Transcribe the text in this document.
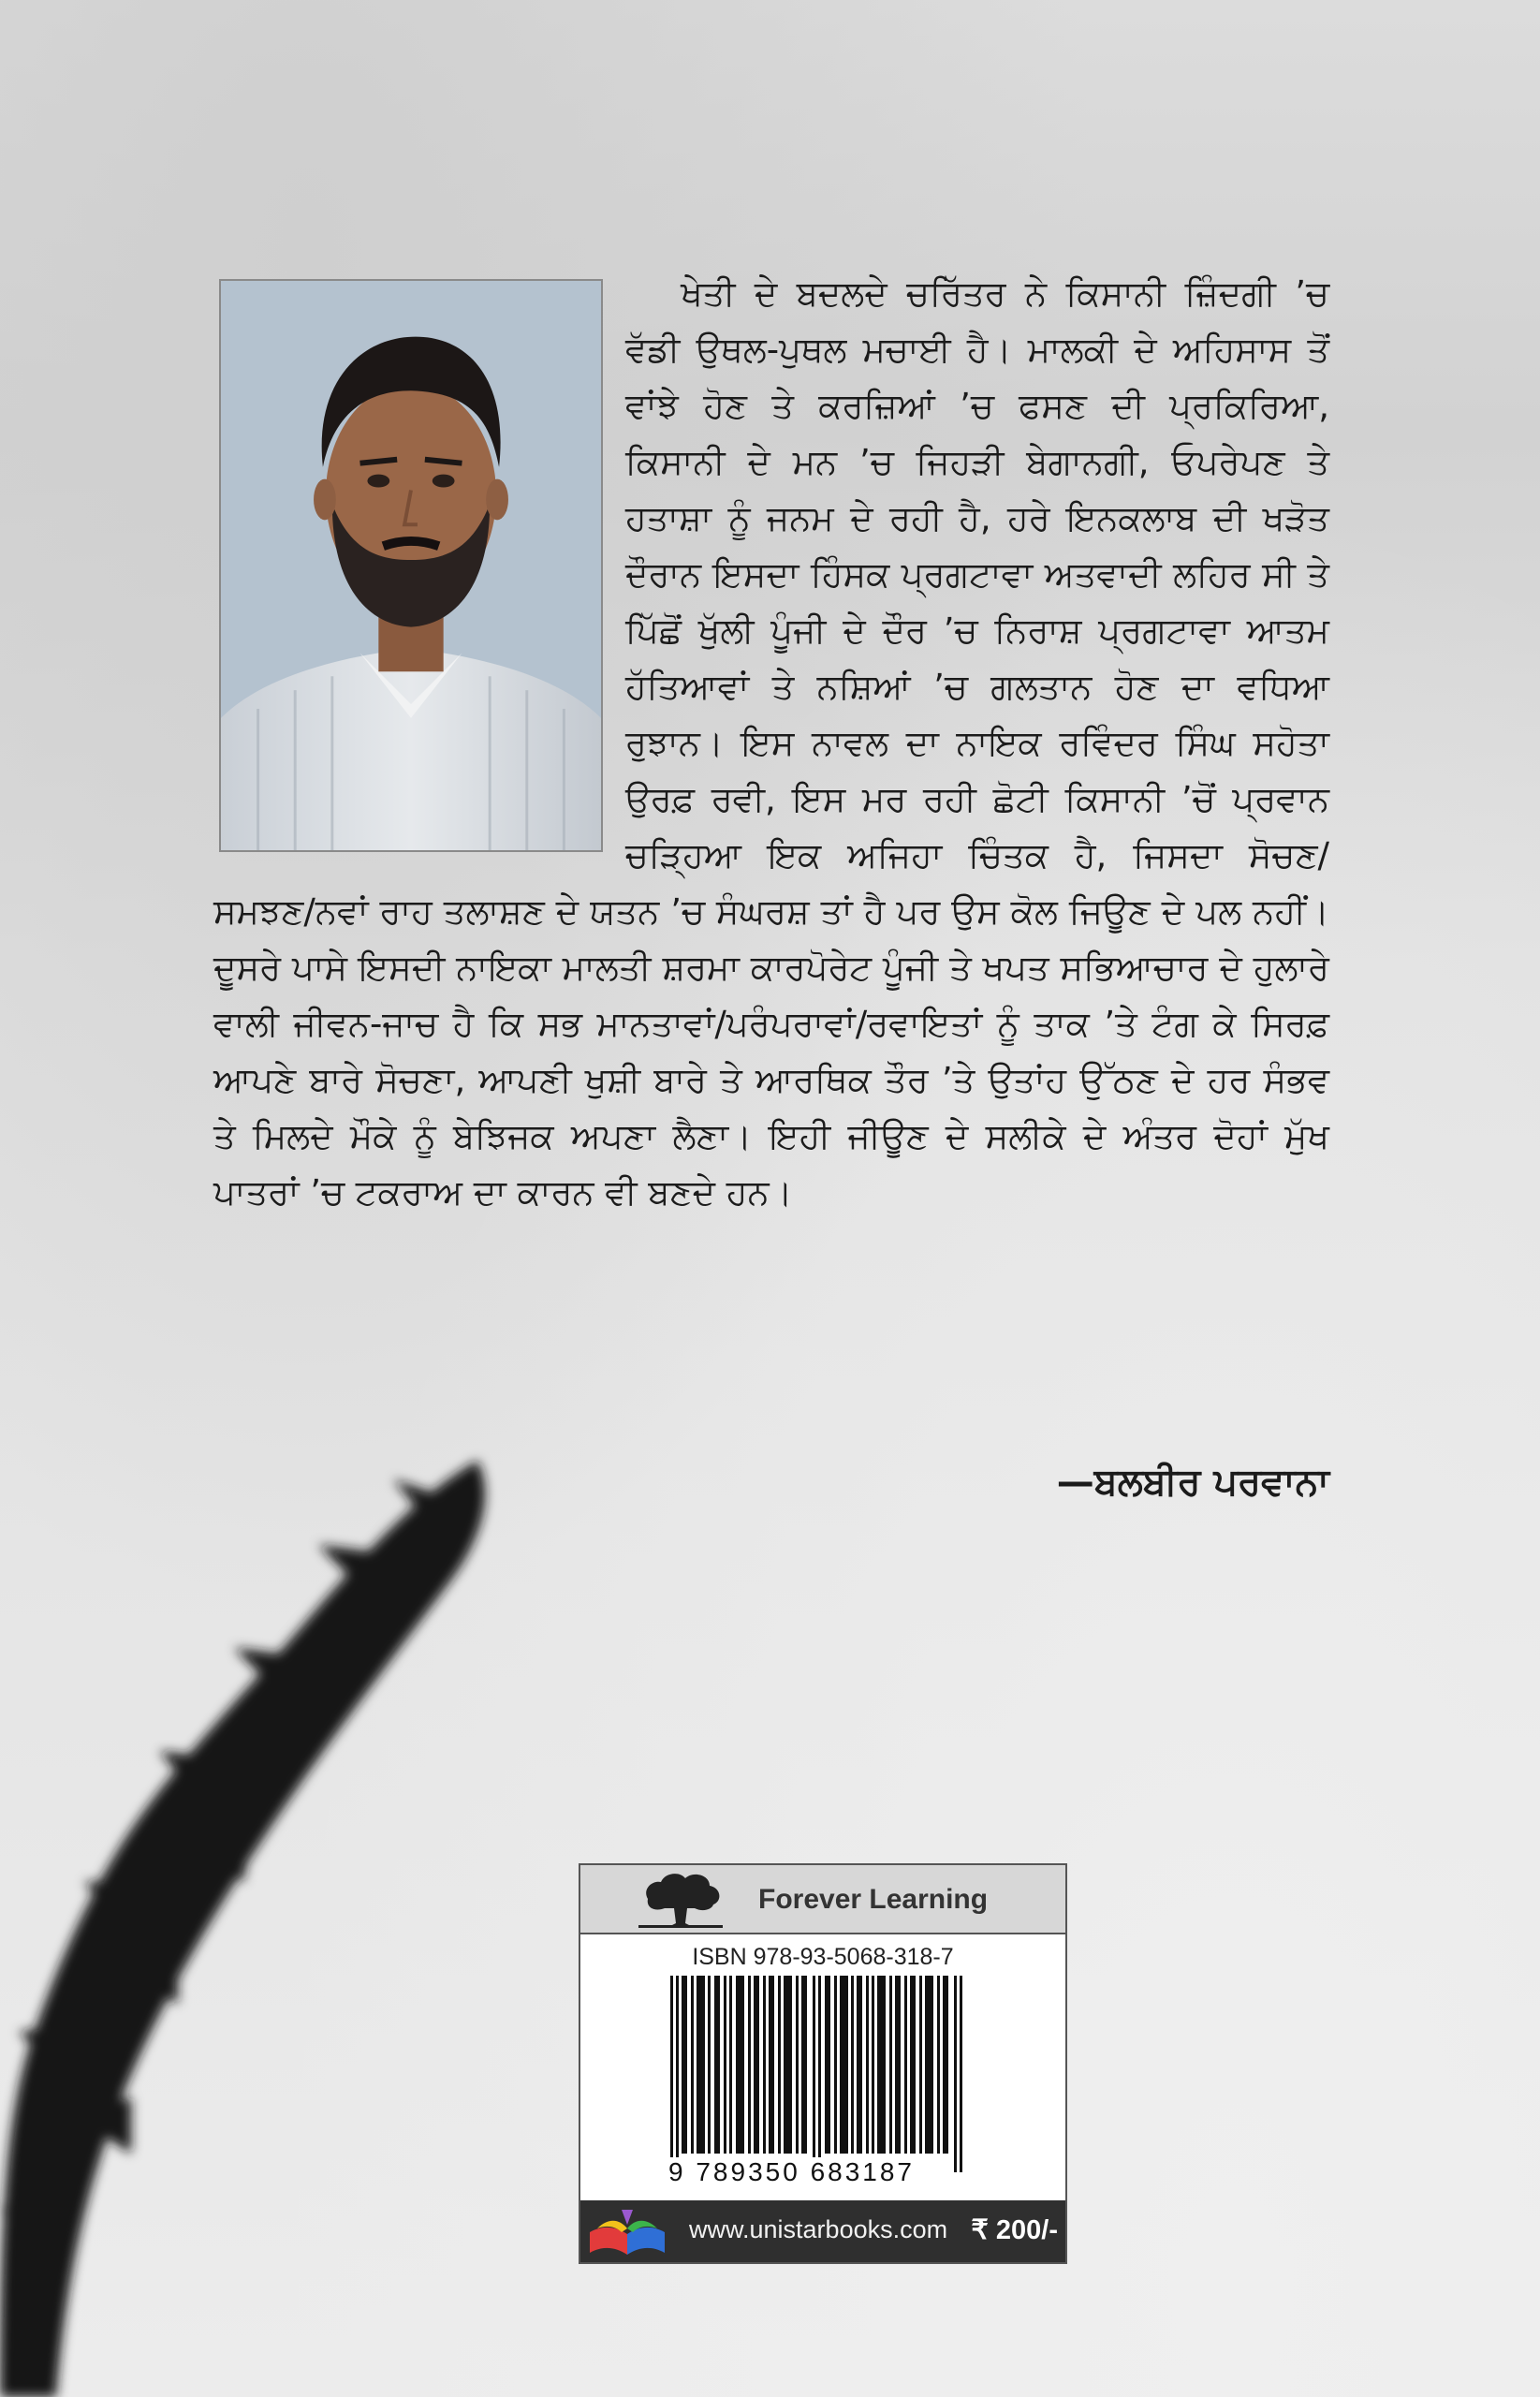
ਖੇਤੀ ਦੇ ਬਦਲਦੇ ਚਰਿੱਤਰ ਨੇ ਕਿਸਾਨੀ ਜ਼ਿੰਦਗੀ ’ਚ ਵੱਡੀ ਉਥਲ-ਪੁਥਲ ਮਚਾਈ ਹੈ। ਮਾਲਕੀ ਦੇ ਅਹਿਸਾਸ ਤੋਂ ਵਾਂਝੇ ਹੋਣ ਤੇ ਕਰਜ਼ਿਆਂ ’ਚ ਫਸਣ ਦੀ ਪ੍ਰਕਿਰਿਆ, ਕਿਸਾਨੀ ਦੇ ਮਨ ’ਚ ਜਿਹੜੀ ਬੇਗਾਨਗੀ, ਓਪਰੇਪਣ ਤੇ ਹਤਾਸ਼ਾ ਨੂੰ ਜਨਮ ਦੇ ਰਹੀ ਹੈ, ਹਰੇ ਇਨਕਲਾਬ ਦੀ ਖੜੋਤ ਦੌਰਾਨ ਇਸਦਾ ਹਿੰਸਕ ਪ੍ਰਗਟਾਵਾ ਅਤਵਾਦੀ ਲਹਿਰ ਸੀ ਤੇ ਪਿੱਛੋਂ ਖੁੱਲੀ ਪੂੰਜੀ ਦੇ ਦੌਰ ’ਚ ਨਿਰਾਸ਼ ਪ੍ਰਗਟਾਵਾ ਆਤਮ ਹੱਤਿਆਵਾਂ ਤੇ ਨਸ਼ਿਆਂ ’ਚ ਗਲਤਾਨ ਹੋਣ ਦਾ ਵਧਿਆ ਰੁਝਾਨ। ਇਸ ਨਾਵਲ ਦਾ ਨਾਇਕ ਰਵਿੰਦਰ ਸਿੰਘ ਸਹੋਤਾ ਉਰਫ਼ ਰਵੀ, ਇਸ ਮਰ ਰਹੀ ਛੋਟੀ ਕਿਸਾਨੀ ’ਚੋਂ ਪ੍ਰਵਾਨ ਚੜ੍ਹਿਆ ਇਕ ਅਜਿਹਾ ਚਿੰਤਕ ਹੈ, ਜਿਸਦਾ ਸੋਚਣ/ਸਮਝਣ/ਨਵਾਂ ਰਾਹ ਤਲਾਸ਼ਣ ਦੇ ਯਤਨ ’ਚ ਸੰਘਰਸ਼ ਤਾਂ ਹੈ ਪਰ ਉਸ ਕੋਲ ਜਿਊਣ ਦੇ ਪਲ ਨਹੀਂ। ਦੂਸਰੇ ਪਾਸੇ ਇਸਦੀ ਨਾਇਕਾ ਮਾਲਤੀ ਸ਼ਰਮਾ ਕਾਰਪੋਰੇਟ ਪੂੰਜੀ ਤੇ ਖਪਤ ਸਭਿਆਚਾਰ ਦੇ ਹੁਲਾਰੇ ਵਾਲੀ ਜੀਵਨ-ਜਾਚ ਹੈ ਕਿ ਸਭ ਮਾਨਤਾਵਾਂ/ਪਰੰਪਰਾਵਾਂ/ਰਵਾਇਤਾਂ ਨੂੰ ਤਾਕ ’ਤੇ ਟੰਗ ਕੇ ਸਿਰਫ਼ ਆਪਣੇ ਬਾਰੇ ਸੋਚਣਾ, ਆਪਣੀ ਖੁਸ਼ੀ ਬਾਰੇ ਤੇ ਆਰਥਿਕ ਤੌਰ ’ਤੇ ਉਤਾਂਹ ਉੱਠਣ ਦੇ ਹਰ ਸੰਭਵ ਤੇ ਮਿਲਦੇ ਮੌਕੇ ਨੂੰ ਬੇਝਿਜਕ ਅਪਣਾ ਲੈਣਾ। ਇਹੀ ਜੀਊਣ ਦੇ ਸਲੀਕੇ ਦੇ ਅੰਤਰ ਦੋਹਾਂ ਮੁੱਖ ਪਾਤਰਾਂ ’ਚ ਟਕਰਾਅ ਦਾ ਕਾਰਨ ਵੀ ਬਣਦੇ ਹਨ।

—ਬਲਬੀਰ ਪਰਵਾਨਾ
Forever Learning
ISBN 978-93-5068-318-7
9 789350 683187
www.unistarbooks.com ₹ 200/-
